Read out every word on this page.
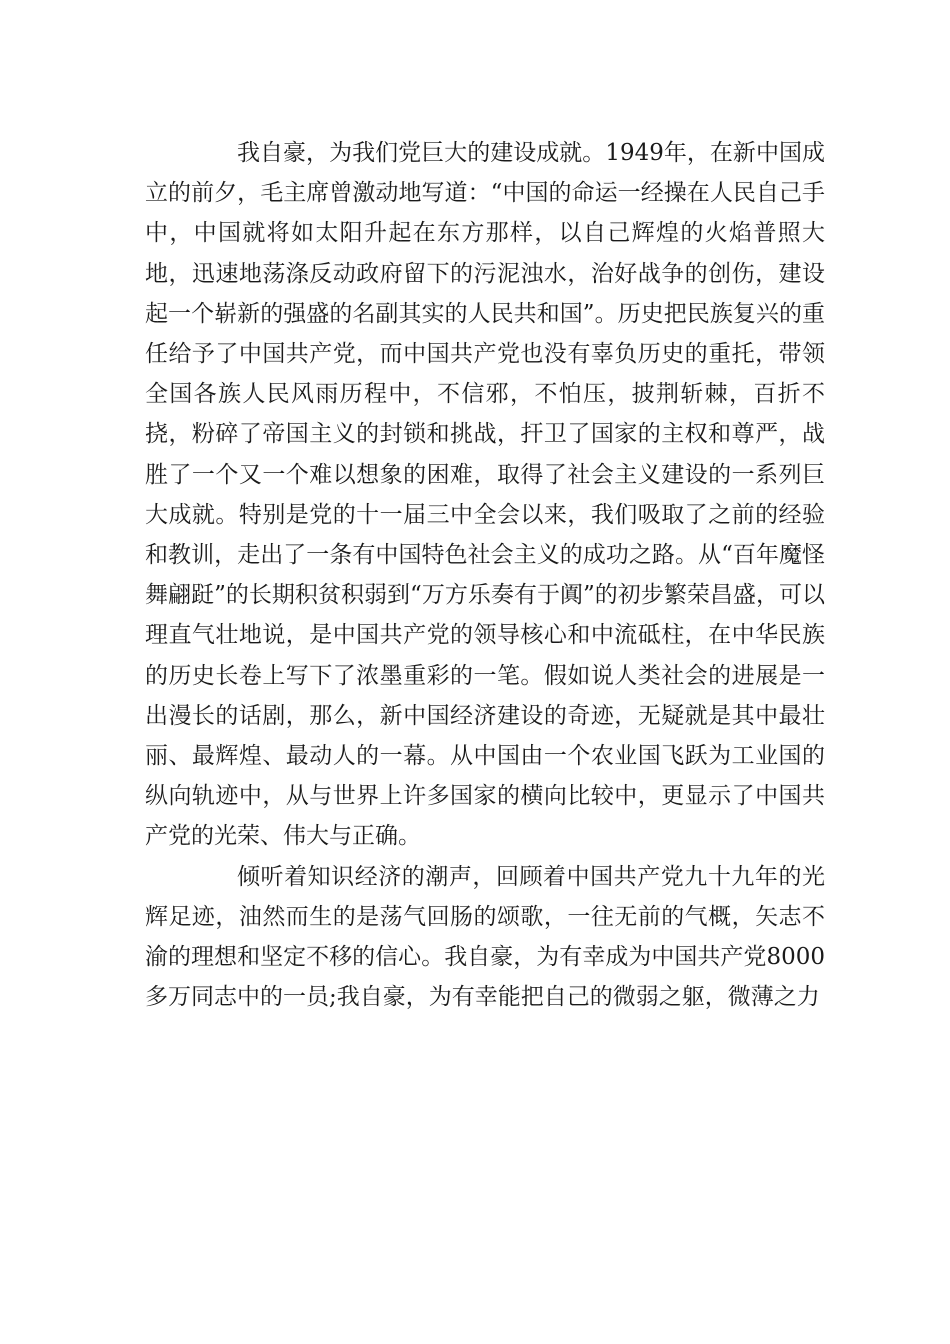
我自豪，为我们党巨大的建设成就。1949年，在新中国成立的前夕，毛主席曾激动地写道：“中国的命运一经操在人民自己手中，中国就将如太阳升起在东方那样，以自己辉煌的火焰普照大地，迅速地荡涤反动政府留下的污泥浊水，治好战争的创伤，建设起一个崭新的强盛的名副其实的人民共和国”。历史把民族复兴的重任给予了中国共产党，而中国共产党也没有辜负历史的重托，带领全国各族人民风雨历程中，不信邪，不怕压，披荆斩棘，百折不挠，粉碎了帝国主义的封锁和挑战，扞卫了国家的主权和尊严，战胜了一个又一个难以想象的困难，取得了社会主义建设的一系列巨大成就。特别是党的十一届三中全会以来，我们吸取了之前的经验和教训，走出了一条有中国特色社会主义的成功之路。从“百年魔怪舞翩跹”的长期积贫积弱到“万方乐奏有于阗”的初步繁荣昌盛，可以理直气壮地说，是中国共产党的领导核心和中流砥柱，在中华民族的历史长卷上写下了浓墨重彩的一笔。假如说人类社会的进展是一出漫长的话剧，那么，新中国经济建设的奇迹，无疑就是其中最壮丽、最辉煌、最动人的一幕。从中国由一个农业国飞跃为工业国的纵向轨迹中，从与世界上许多国家的横向比较中，更显示了中国共产党的光荣、伟大与正确。

倾听着知识经济的潮声，回顾着中国共产党九十九年的光辉足迹，油然而生的是荡气回肠的颂歌，一往无前的气概，矢志不渝的理想和坚定不移的信心。我自豪，为有幸成为中国共产党8000多万同志中的一员;我自豪，为有幸能把自己的微弱之躯，微薄之力
